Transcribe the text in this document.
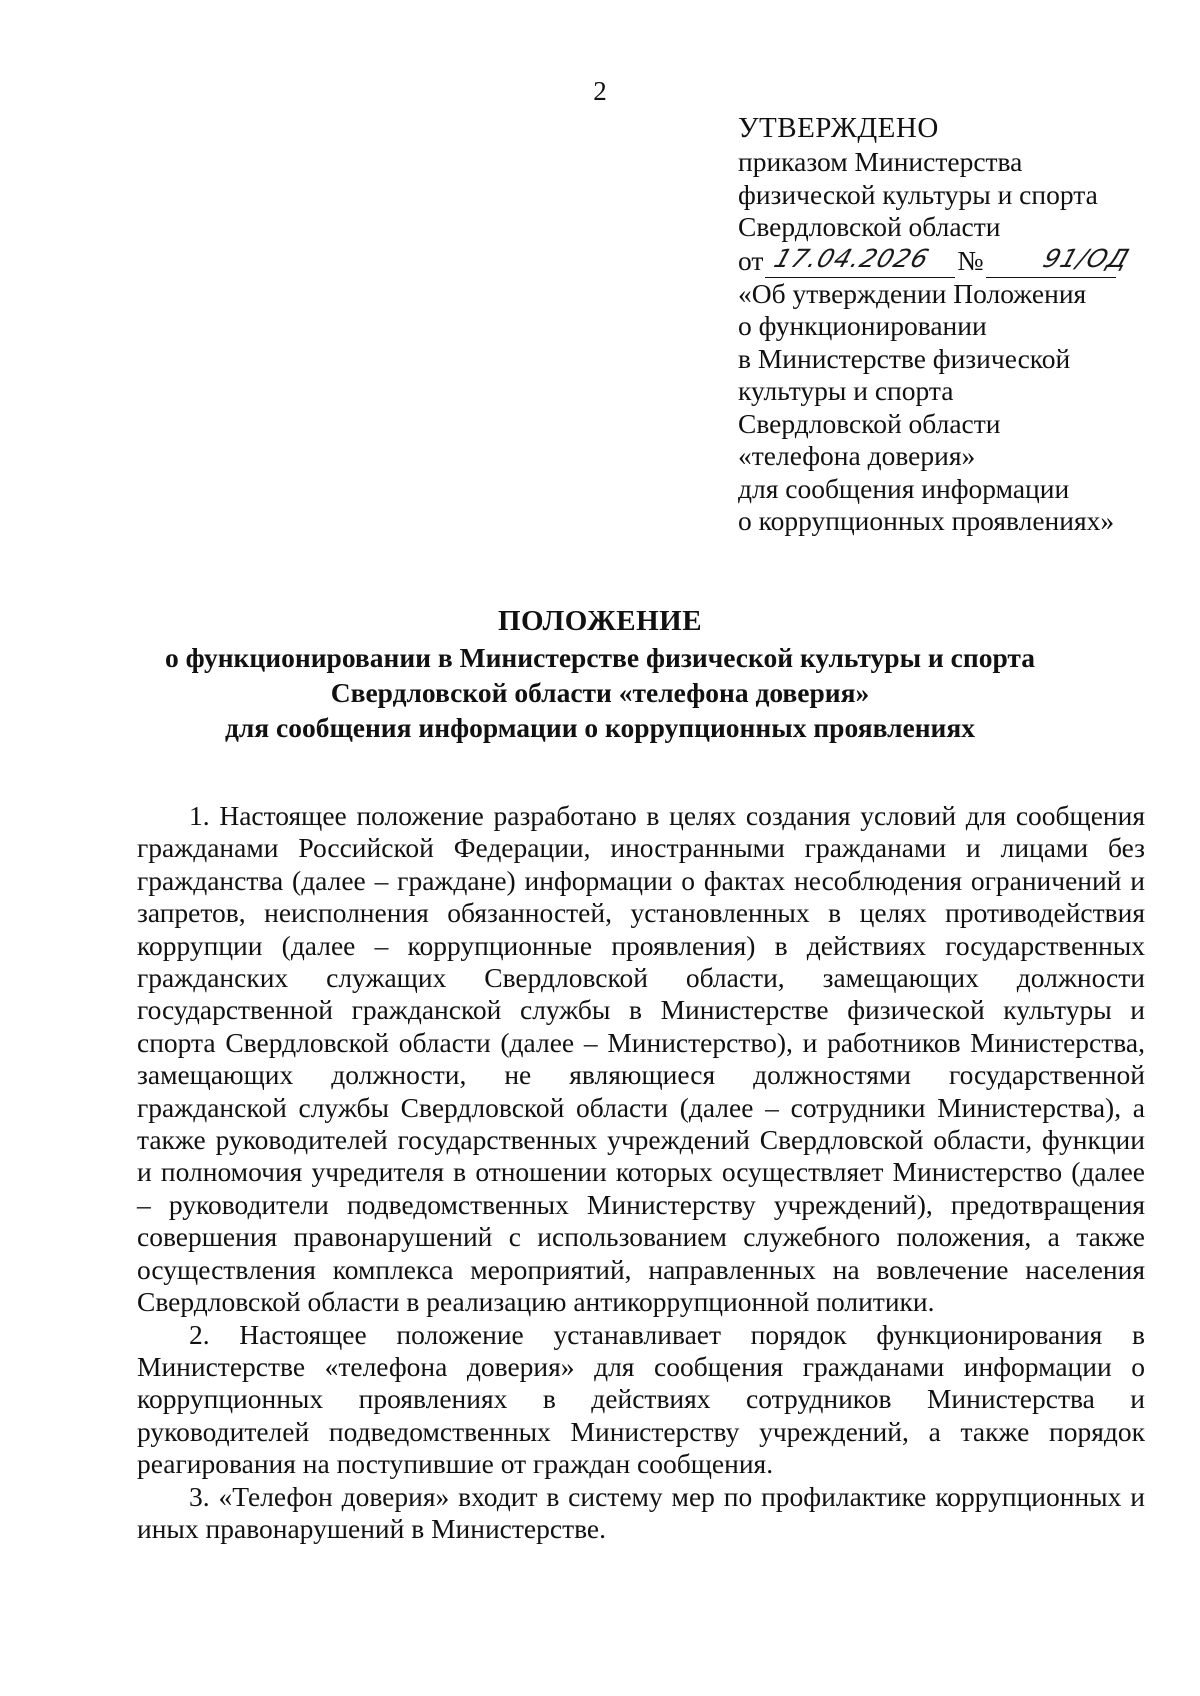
2
УТВЕРЖДЕНО
приказом Министерства
физической культуры и спорта
Свердловской области
от 17.04.2026 № 91/ОД
«Об утверждении Положения
о функционировании
в Министерстве физической
культуры и спорта
Свердловской области
«телефона доверия»
для сообщения информации
о коррупционных проявлениях»
ПОЛОЖЕНИЕ
о функционировании в Министерстве физической культуры и спорта
Свердловской области «телефона доверия»
для сообщения информации о коррупционных проявлениях

1. Настоящее положение разработано в целях создания условий для сообщения гражданами Российской Федерации, иностранными гражданами и лицами без гражданства (далее – граждане) информации о фактах несоблюдения ограничений и запретов, неисполнения обязанностей, установленных в целях противодействия коррупции (далее – коррупционные проявления) в действиях государственных гражданских служащих Свердловской области, замещающих должности государственной гражданской службы в Министерстве физической культуры и спорта Свердловской области (далее – Министерство), и работников Министерства, замещающих должности, не являющиеся должностями государственной гражданской службы Свердловской области (далее – сотрудники Министерства), а также руководителей государственных учреждений Свердловской области, функции и полномочия учредителя в отношении которых осуществляет Министерство (далее – руководители подведомственных Министерству учреждений), предотвращения совершения правонарушений с использованием служебного положения, а также осуществления комплекса мероприятий, направленных на вовлечение населения Свердловской области в реализацию антикоррупционной политики.

2. Настоящее положение устанавливает порядок функционирования в Министерстве «телефона доверия» для сообщения гражданами информации о коррупционных проявлениях в действиях сотрудников Министерства и руководителей подведомственных Министерству учреждений, а также порядок реагирования на поступившие от граждан сообщения.

3. «Телефон доверия» входит в систему мер по профилактике коррупционных и иных правонарушений в Министерстве.
